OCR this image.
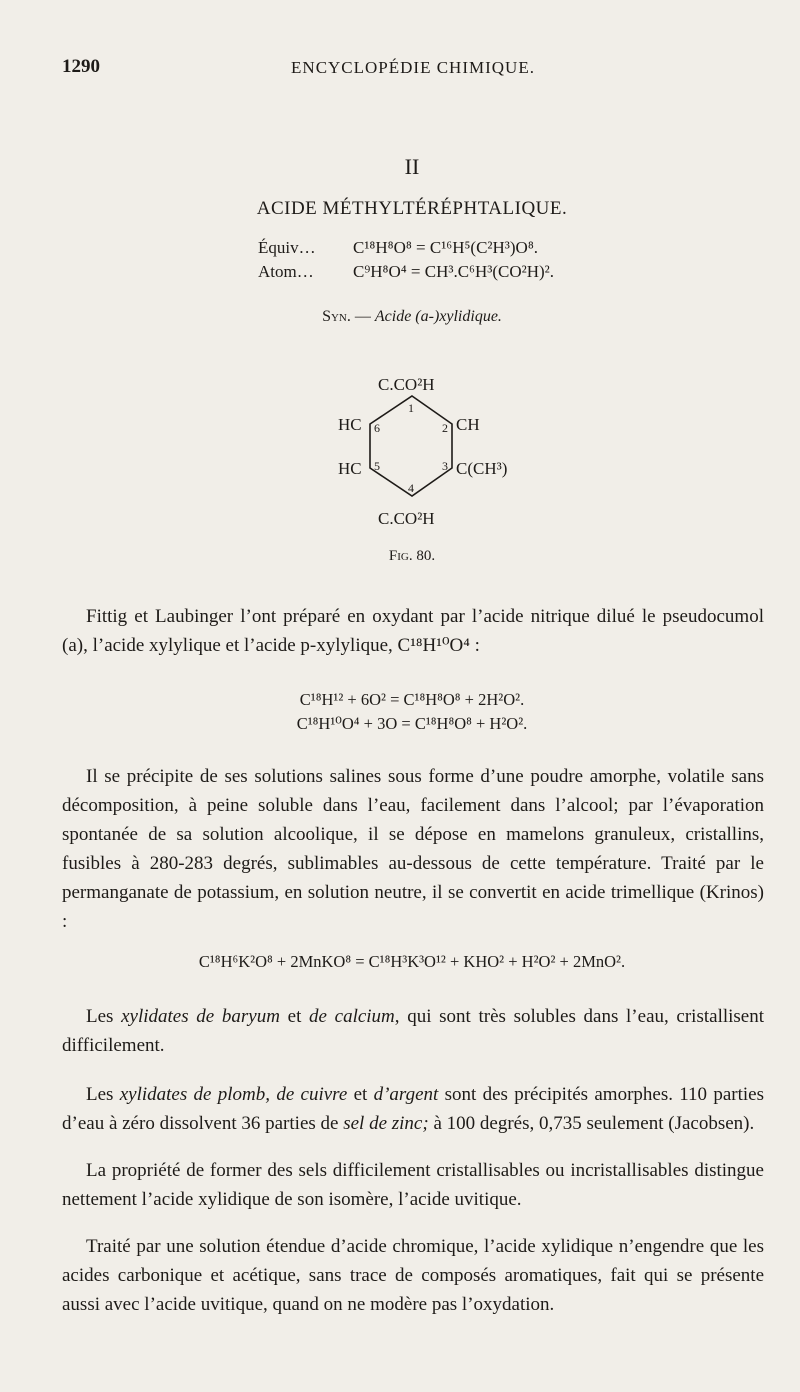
1290	ENCYCLOPÉDIE CHIMIQUE.
II
ACIDE MÉTHYLTÉRÉPHTALIQUE.
Équiv… C¹⁸H⁸O⁸ = C¹⁶H⁵(C²H³)O⁸.
Atom… C⁹H⁸O⁴ = CH³.C⁶H³(CO²H)².
Syn. — Acide (a-)xylidique.
C.CO²H
C.CO²H
HC
HC
CH
C(CH³)
1
2
3
4
5
6
Fig. 80.
Fittig et Laubinger l’ont préparé en oxydant par l’acide nitrique dilué le pseudocumol (a), l’acide xylylique et l’acide p-xylylique, C¹⁸H¹⁰O⁴ :
C¹⁸H¹² + 6O² = C¹⁸H⁸O⁸ + 2H²O².
C¹⁸H¹⁰O⁴ + 3O = C¹⁸H⁸O⁸ + H²O².
Il se précipite de ses solutions salines sous forme d’une poudre amorphe, volatile sans décomposition, à peine soluble dans l’eau, facilement dans l’alcool; par l’évaporation spontanée de sa solution alcoolique, il se dépose en mamelons granuleux, cristallins, fusibles à 280-283 degrés, sublimables au-dessous de cette température. Traité par le permanganate de potassium, en solution neutre, il se convertit en acide trimellique (Krinos) :
C¹⁸H⁶K²O⁸ + 2MnKO⁸ = C¹⁸H³K³O¹² + KHO² + H²O² + 2MnO².
Les xylidates de baryum et de calcium, qui sont très solubles dans l’eau, cristallisent difficilement.
Les xylidates de plomb, de cuivre et d’argent sont des précipités amorphes. 110 parties d’eau à zéro dissolvent 36 parties de sel de zinc; à 100 degrés, 0,735 seulement (Jacobsen).
La propriété de former des sels difficilement cristallisables ou incristallisables distingue nettement l’acide xylidique de son isomère, l’acide uvitique.
Traité par une solution étendue d’acide chromique, l’acide xylidique n’engendre que les acides carbonique et acétique, sans trace de composés aromatiques, fait qui se présente aussi avec l’acide uvitique, quand on ne modère pas l’oxydation.
